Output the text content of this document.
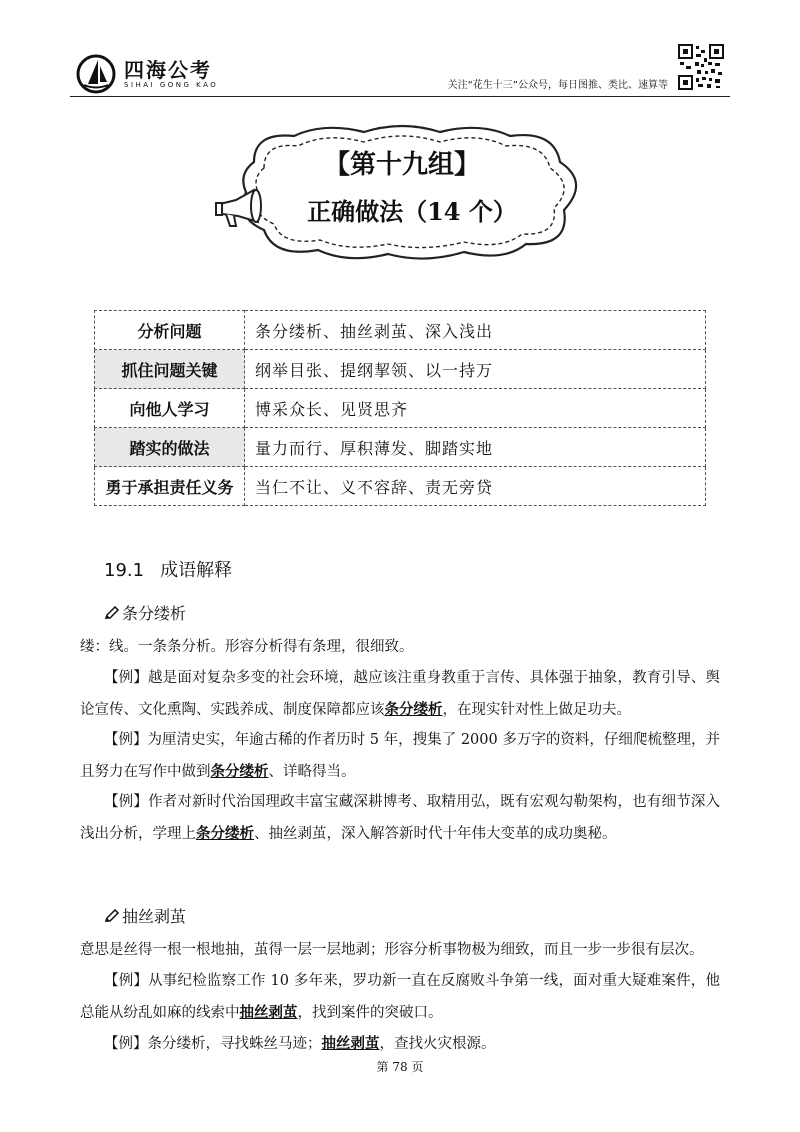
四海公考
SIHAI GONG KAO	关注“花生十三”公众号，每日图推、类比、速算等
【第十九组】
正确做法（14 个）
分析问题	条分缕析、抽丝剥茧、深入浅出
抓住问题关键	纲举目张、提纲挈领、以一持万
向他人学习	博采众长、见贤思齐
踏实的做法	量力而行、厚积薄发、脚踏实地
勇于承担责任义务	当仁不让、义不容辞、责无旁贷
19.1 成语解释
条分缕析
缕：线。一条条分析。形容分析得有条理，很细致。
【例】越是面对复杂多变的社会环境，越应该注重身教重于言传、具体强于抽象，教育引导、舆论宣传、文化熏陶、实践养成、制度保障都应该条分缕析，在现实针对性上做足功夫。
【例】为厘清史实，年逾古稀的作者历时 5 年，搜集了 2000 多万字的资料，仔细爬梳整理，并且努力在写作中做到条分缕析、详略得当。
【例】作者对新时代治国理政丰富宝藏深耕博考、取精用弘，既有宏观勾勒架构，也有细节深入浅出分析，学理上条分缕析、抽丝剥茧，深入解答新时代十年伟大变革的成功奥秘。
抽丝剥茧
意思是丝得一根一根地抽，茧得一层一层地剥；形容分析事物极为细致，而且一步一步很有层次。
【例】从事纪检监察工作 10 多年来，罗功新一直在反腐败斗争第一线，面对重大疑难案件，他总能从纷乱如麻的线索中抽丝剥茧，找到案件的突破口。
【例】条分缕析，寻找蛛丝马迹；抽丝剥茧，查找火灾根源。
第 78 页
